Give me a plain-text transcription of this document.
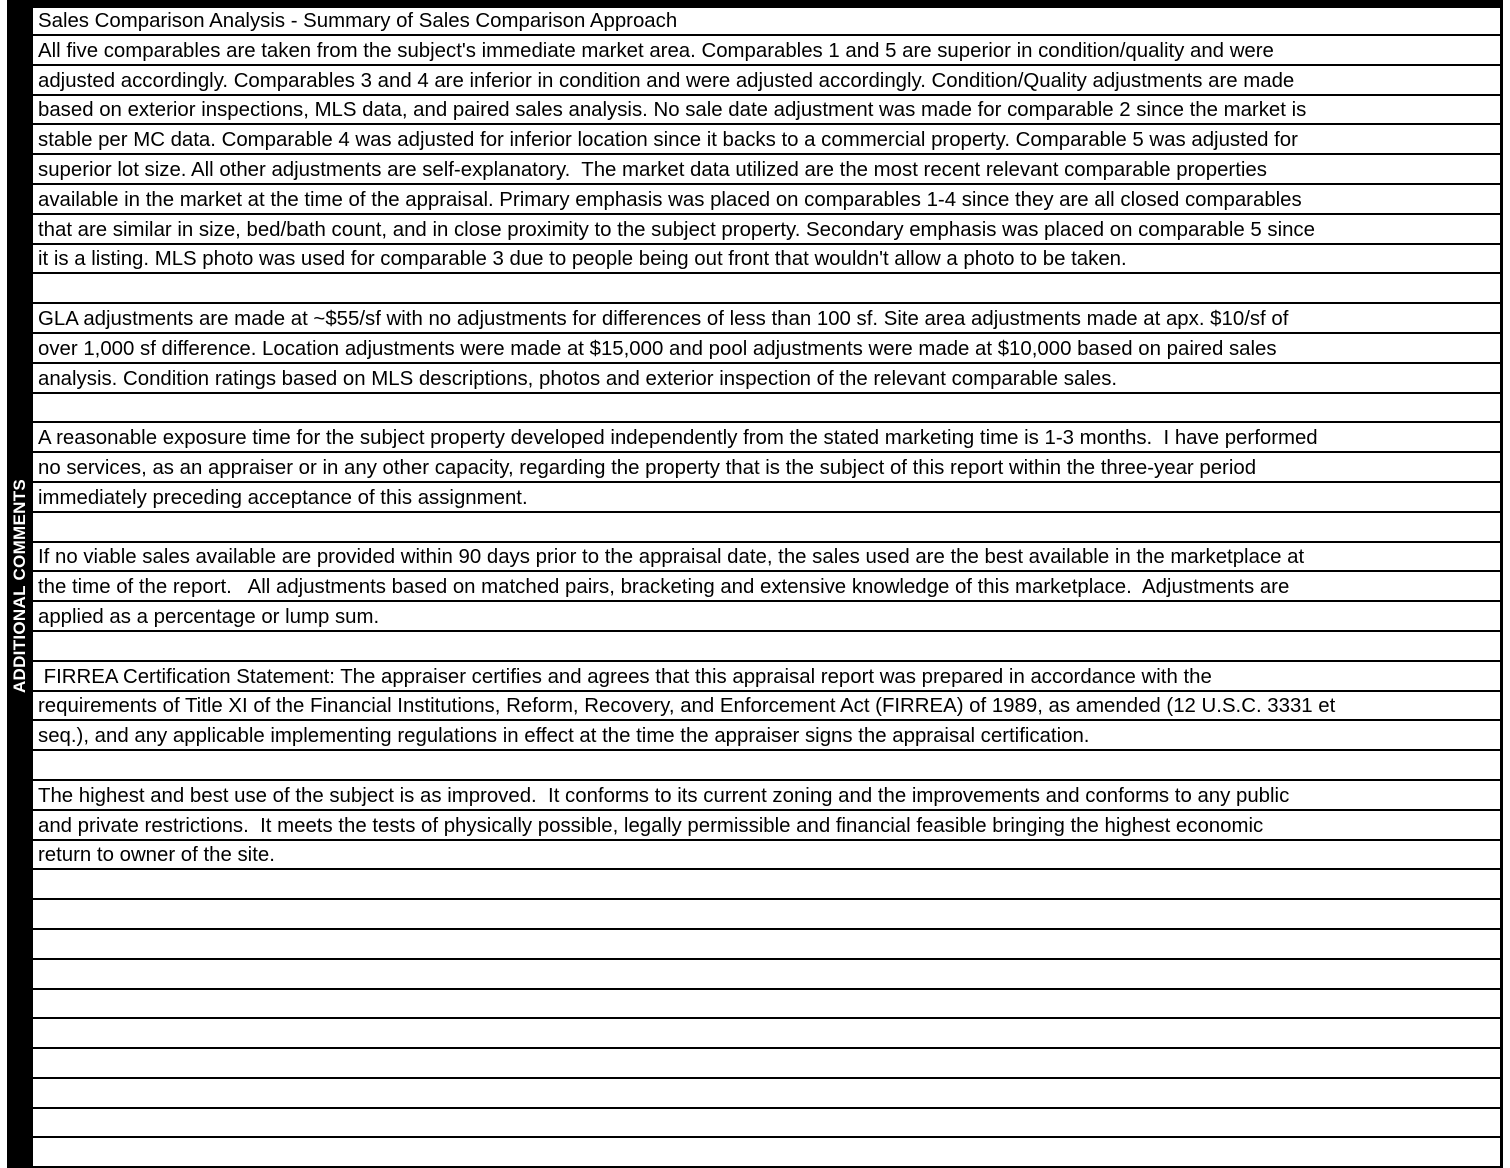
Sales Comparison Analysis - Summary of Sales Comparison Approach
All five comparables are taken from the subject's immediate market area. Comparables 1 and 5 are superior in condition/quality and were
adjusted accordingly. Comparables 3 and 4 are inferior in condition and were adjusted accordingly. Condition/Quality adjustments are made
based on exterior inspections, MLS data, and paired sales analysis. No sale date adjustment was made for comparable 2 since the market is
stable per MC data. Comparable 4 was adjusted for inferior location since it backs to a commercial property. Comparable 5 was adjusted for
superior lot size. All other adjustments are self-explanatory.  The market data utilized are the most recent relevant comparable properties
available in the market at the time of the appraisal. Primary emphasis was placed on comparables 1-4 since they are all closed comparables
that are similar in size, bed/bath count, and in close proximity to the subject property. Secondary emphasis was placed on comparable 5 since
it is a listing. MLS photo was used for comparable 3 due to people being out front that wouldn't allow a photo to be taken.
GLA adjustments are made at ~$55/sf with no adjustments for differences of less than 100 sf. Site area adjustments made at apx. $10/sf of
over 1,000 sf difference. Location adjustments were made at $15,000 and pool adjustments were made at $10,000 based on paired sales
analysis. Condition ratings based on MLS descriptions, photos and exterior inspection of the relevant comparable sales.
A reasonable exposure time for the subject property developed independently from the stated marketing time is 1-3 months.  I have performed
no services, as an appraiser or in any other capacity, regarding the property that is the subject of this report within the three-year period
immediately preceding acceptance of this assignment.
If no viable sales available are provided within 90 days prior to the appraisal date, the sales used are the best available in the marketplace at
the time of the report.   All adjustments based on matched pairs, bracketing and extensive knowledge of this marketplace.  Adjustments are
applied as a percentage or lump sum.
FIRREA Certification Statement: The appraiser certifies and agrees that this appraisal report was prepared in accordance with the
requirements of Title XI of the Financial Institutions, Reform, Recovery, and Enforcement Act (FIRREA) of 1989, as amended (12 U.S.C. 3331 et
seq.), and any applicable implementing regulations in effect at the time the appraiser signs the appraisal certification.
The highest and best use of the subject is as improved.  It conforms to its current zoning and the improvements and conforms to any public
and private restrictions.  It meets the tests of physically possible, legally permissible and financial feasible bringing the highest economic
return to owner of the site.
ADDITIONAL COMMENTS
